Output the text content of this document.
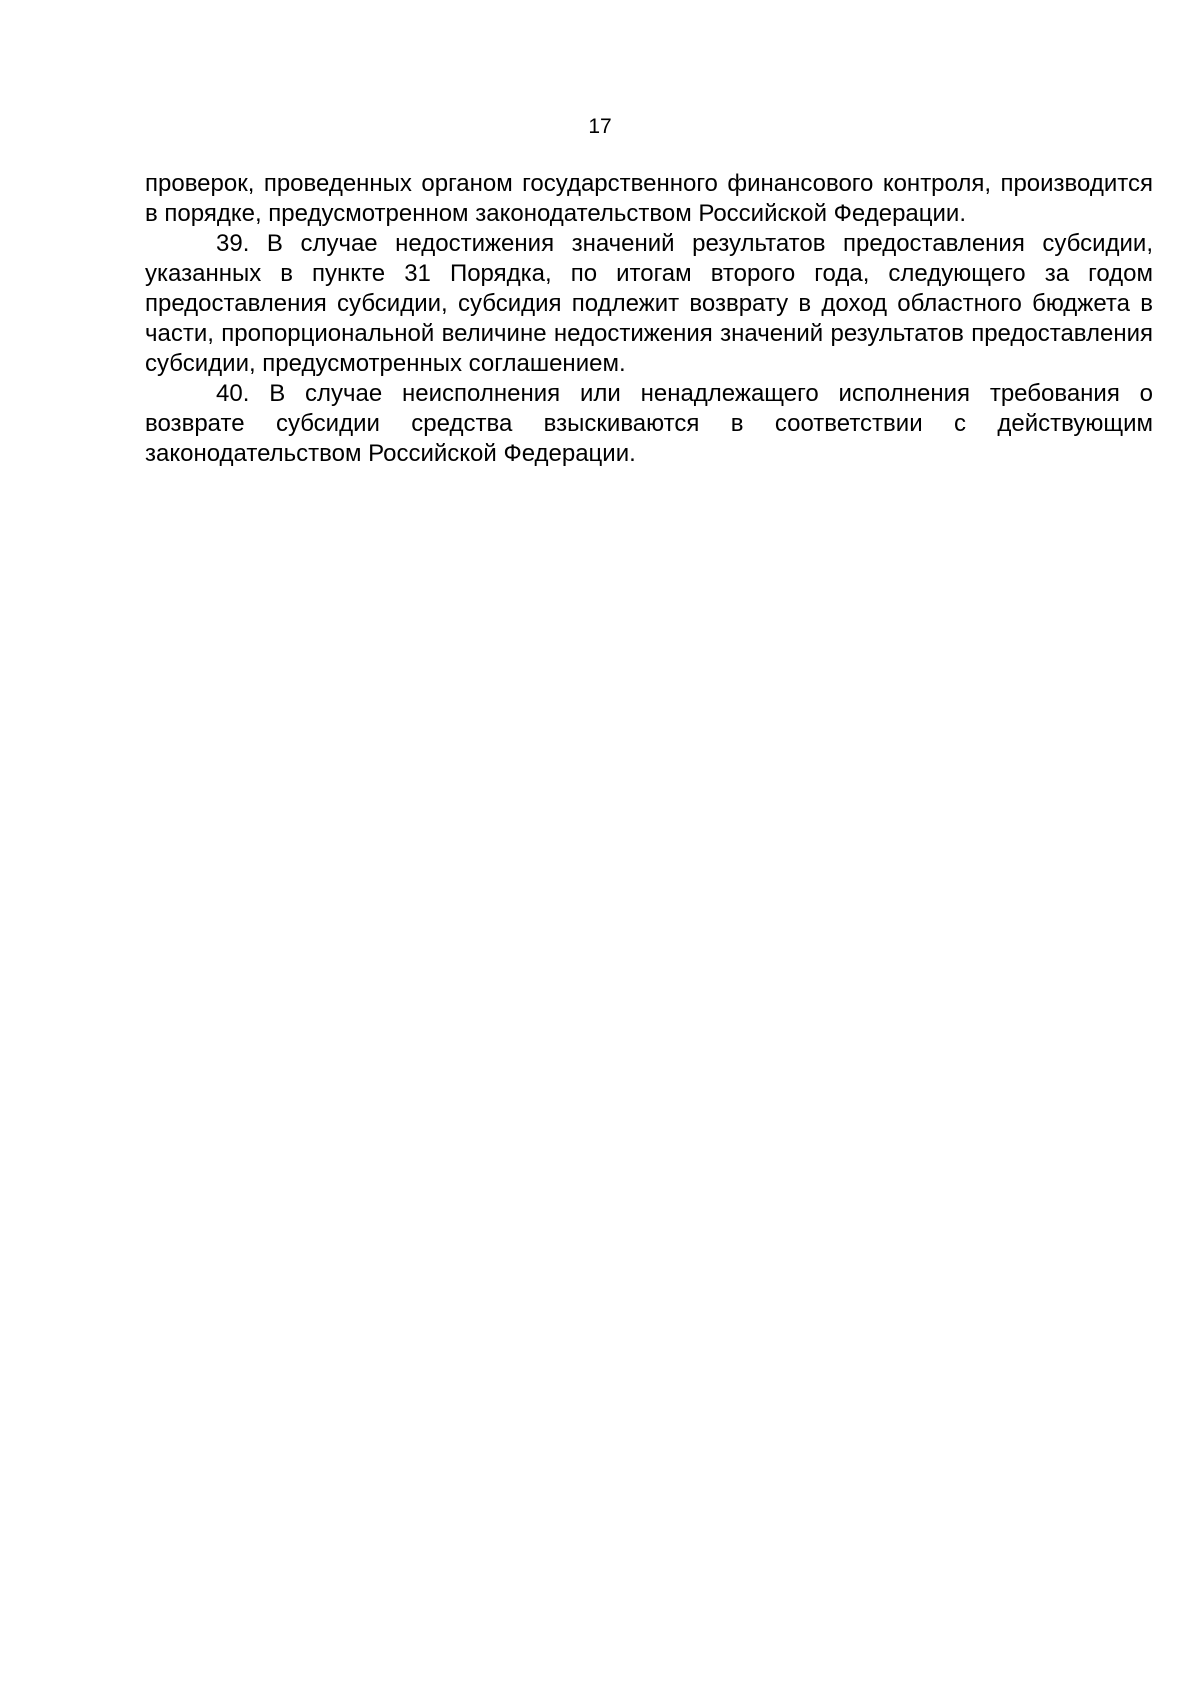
17

проверок, проведенных органом государственного финансового контроля, производится в порядке, предусмотренном законодательством Российской Федерации.

39. В случае недостижения значений результатов предоставления субсидии, указанных в пункте 31 Порядка, по итогам второго года, следующего за годом предоставления субсидии, субсидия подлежит возврату в доход областного бюджета в части, пропорциональной величине недостижения значений результатов предоставления субсидии, предусмотренных соглашением.

40. В случае неисполнения или ненадлежащего исполнения требования о возврате субсидии средства взыскиваются в соответствии с действующим законодательством Российской Федерации.
